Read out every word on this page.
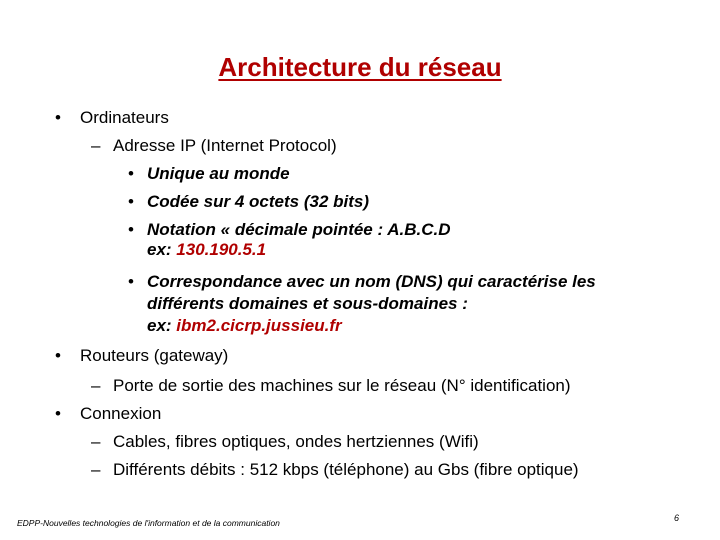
Architecture du réseau
• Ordinateurs
– Adresse IP (Internet Protocol)
• Unique au monde
• Codée sur 4 octets (32 bits)
• Notation « décimale pointée : A.B.C.D
ex: 130.190.5.1
• Correspondance avec un nom (DNS) qui caractérise les
différents domaines et sous-domaines :
ex: ibm2.cicrp.jussieu.fr
• Routeurs (gateway)
– Porte de sortie des machines sur le réseau (N° identification)
• Connexion
– Cables, fibres optiques, ondes hertziennes (Wifi)
– Différents débits : 512 kbps (téléphone) au Gbs (fibre optique)
EDPP-Nouvelles technologies de l'information et de la communication	6
